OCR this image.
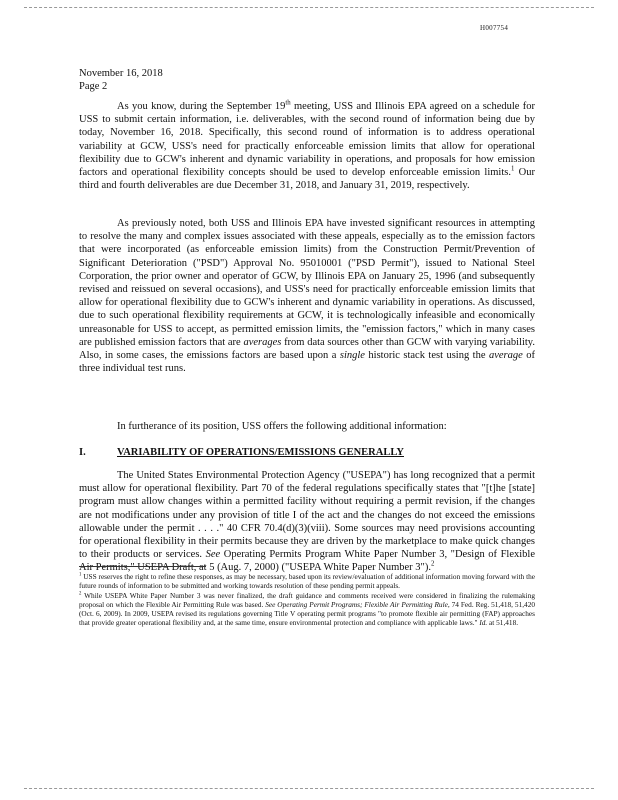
H007754
November 16, 2018
Page 2

As you know, during the September 19th meeting, USS and Illinois EPA agreed on a schedule for USS to submit certain information, i.e. deliverables, with the second round of information being due by today, November 16, 2018. Specifically, this second round of information is to address operational variability at GCW, USS's need for practically enforceable emission limits that allow for operational flexibility due to GCW's inherent and dynamic variability in operations, and proposals for how emission factors and operational flexibility concepts should be used to develop enforceable emission limits.$^1$ Our third and fourth deliverables are due December 31, 2018, and January 31, 2019, respectively.

As previously noted, both USS and Illinois EPA have invested significant resources in attempting to resolve the many and complex issues associated with these appeals, especially as to the emission factors that were incorporated (as enforceable emission limits) from the Construction Permit/Prevention of Significant Deterioration ("PSD") Approval No. 95010001 ("PSD Permit"), issued to National Steel Corporation, the prior owner and operator of GCW, by Illinois EPA on January 25, 1996 (and subsequently revised and reissued on several occasions), and USS's need for practically enforceable emission limits that allow for operational flexibility due to GCW's inherent and dynamic variability in operations. As discussed, due to such operational flexibility requirements at GCW, it is technologically infeasible and economically unreasonable for USS to accept, as permitted emission limits, the "emission factors," which in many cases are published emission factors that are averages from data sources other than GCW with varying variability. Also, in some cases, the emissions factors are based upon a single historic stack test using the average of three individual test runs.

In furtherance of its position, USS offers the following additional information:

I.	VARIABILITY OF OPERATIONS/EMISSIONS GENERALLY

The United States Environmental Protection Agency ("USEPA") has long recognized that a permit must allow for operational flexibility. Part 70 of the federal regulations specifically states that "[t]he [state] program must allow changes within a permitted facility without requiring a permit revision, if the changes are not modifications under any provision of title I of the act and the changes do not exceed the emissions allowable under the permit . . . ." 40 CFR 70.4(d)(3)(viii). Some sources may need provisions accounting for operational flexibility in their permits because they are driven by the marketplace to make quick changes to their products or services. See Operating Permits Program White Paper Number 3, "Design of Flexible Air Permits," USEPA Draft, at 5 (Aug. 7, 2000) ("USEPA White Paper Number 3").$^2$

$^1$ USS reserves the right to refine these responses, as may be necessary, based upon its review/evaluation of additional information moving forward with the future rounds of information to be submitted and working towards resolution of these pending permit appeals.

$^2$ While USEPA White Paper Number 3 was never finalized, the draft guidance and comments received were considered in finalizing the rulemaking proposal on which the Flexible Air Permitting Rule was based. See Operating Permit Programs; Flexible Air Permitting Rule, 74 Fed. Reg. 51,418, 51,420 (Oct. 6, 2009). In 2009, USEPA revised its regulations governing Title V operating permit programs "to promote flexible air permitting (FAP) approaches that provide greater operational flexibility and, at the same time, ensure environmental protection and compliance with applicable laws." Id. at 51,418.
